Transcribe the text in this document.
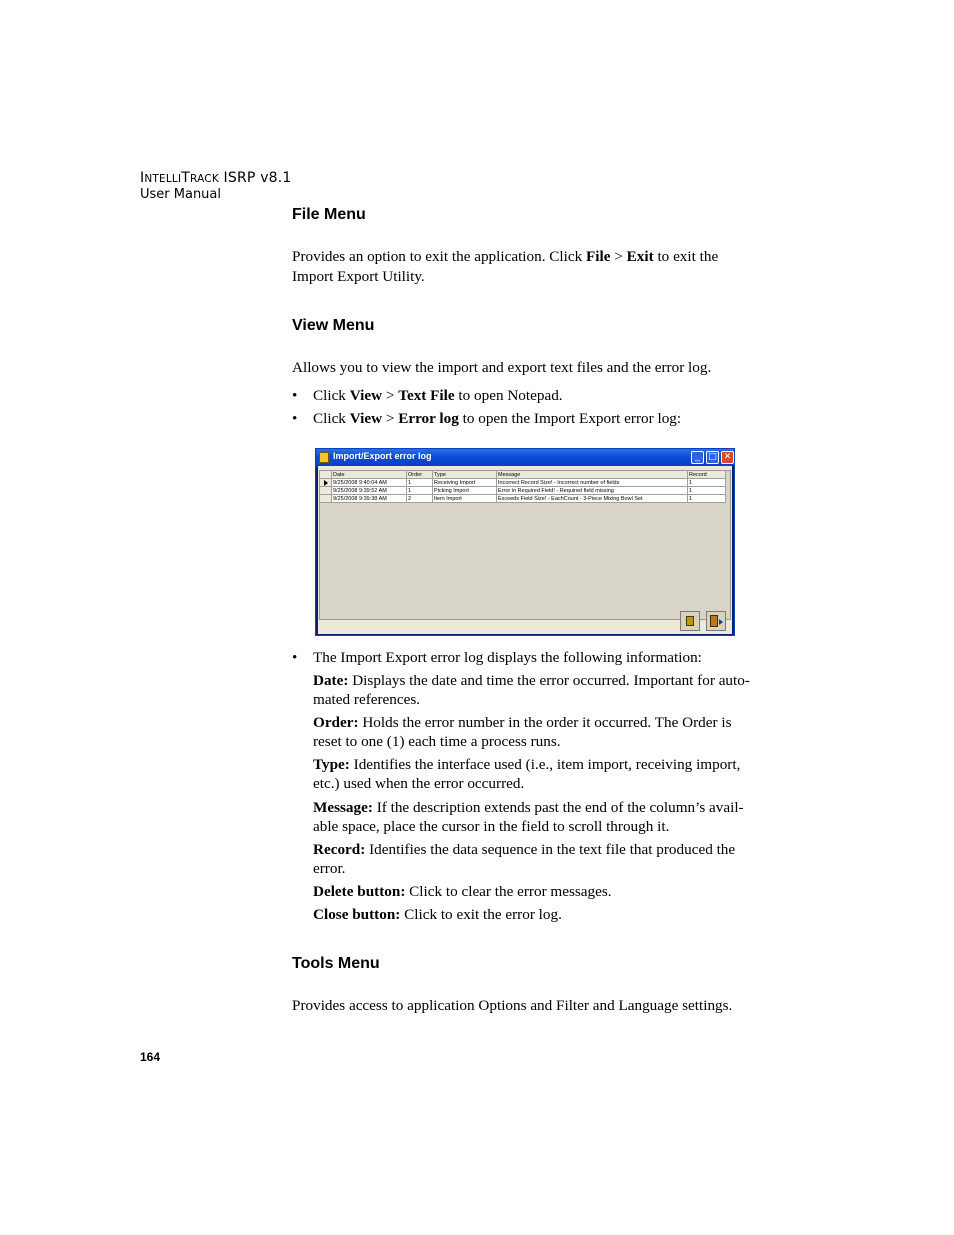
INTELLITRACK ISRP v8.1
User Manual
File Menu

Provides an option to exit the application. Click File > Exit to exit the
Import Export Utility.

View Menu

Allows you to view the import and export text files and the error log.

• Click View > Text File to open Notepad.
• Click View > Error log to open the Import Export error log:
Import/Export error log	_ □ ✕
Date	Order	Type	Message	Record
9/25/2008 9:40:04 AM	1	Receiving Import	Incorrect Record Size! - Incorrect number of fields	1
9/25/2008 9:39:52 AM	1	Picking Import	Error in Required Field! - Required field missing	1
9/25/2008 9:39:38 AM	2	Item Import	Exceeds Field Size! - EachCount - 3-Piece Mixing Bowl Set	1
• The Import Export error log displays the following information:

Date: Displays the date and time the error occurred. Important for auto-
mated references.

Order: Holds the error number in the order it occurred. The Order is
reset to one (1) each time a process runs.

Type: Identifies the interface used (i.e., item import, receiving import,
etc.) used when the error occurred.

Message: If the description extends past the end of the column’s avail-
able space, place the cursor in the field to scroll through it.

Record: Identifies the data sequence in the text file that produced the
error.

Delete button: Click to clear the error messages.

Close button: Click to exit the error log.

Tools Menu

Provides access to application Options and Filter and Language settings.

164
